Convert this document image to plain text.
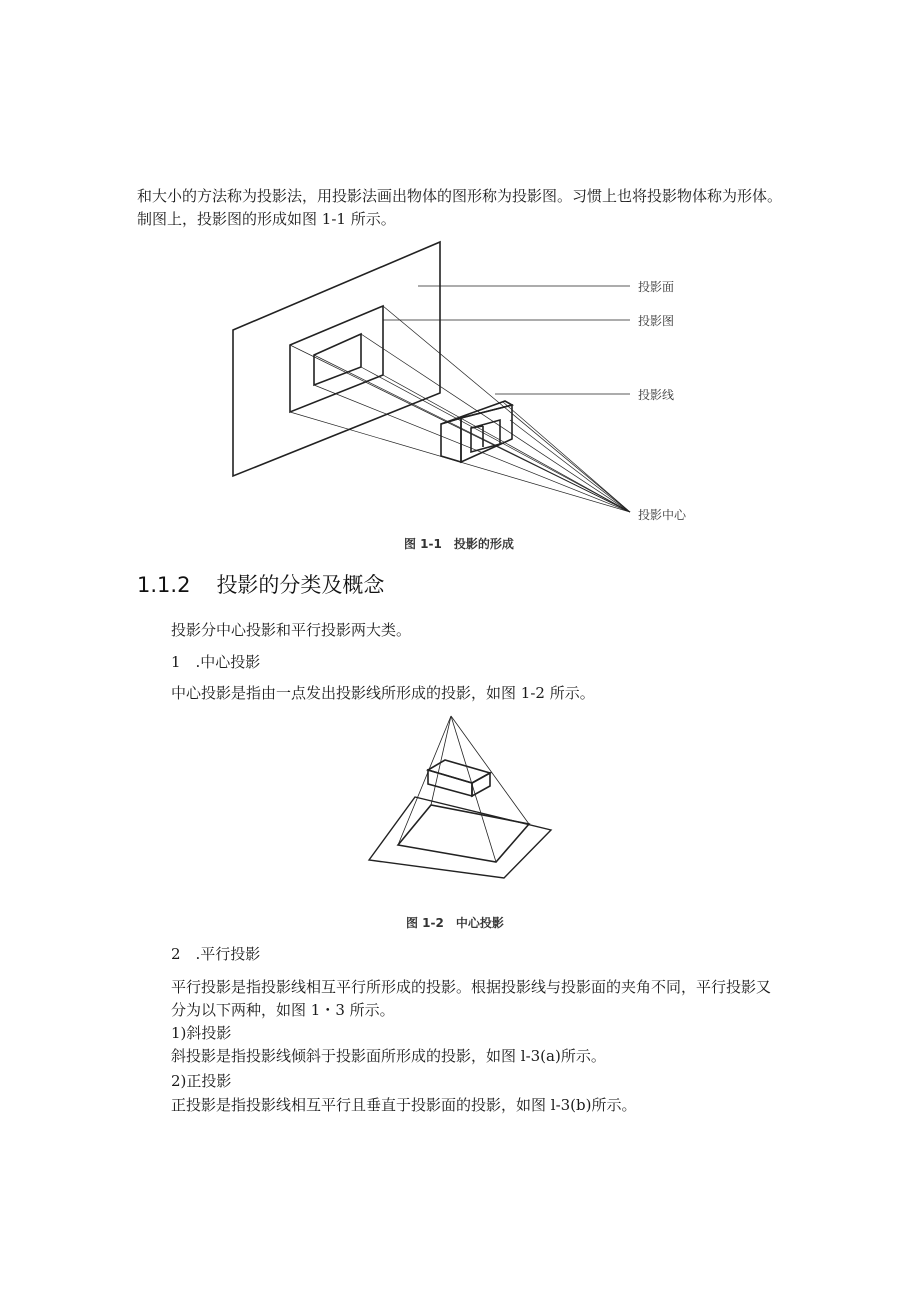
和大小的方法称为投影法，用投影法画出物体的图形称为投影图。习惯上也将投影物体称为形体。
制图上，投影图的形成如图 1-1 所示。
投影面
投影图
投影线
投影中心
图 1-1　投影的形成
1.1.2 投影的分类及概念
投影分中心投影和平行投影两大类。
1　.中心投影
中心投影是指由一点发出投影线所形成的投影，如图 1-2 所示。
图 1-2　中心投影
2　.平行投影
平行投影是指投影线相互平行所形成的投影。根据投影线与投影面的夹角不同，平行投影又
分为以下两种，如图 1・3 所示。
1)斜投影
斜投影是指投影线倾斜于投影面所形成的投影，如图 l-3(a)所示。
2)正投影
正投影是指投影线相互平行且垂直于投影面的投影，如图 l-3(b)所示。
